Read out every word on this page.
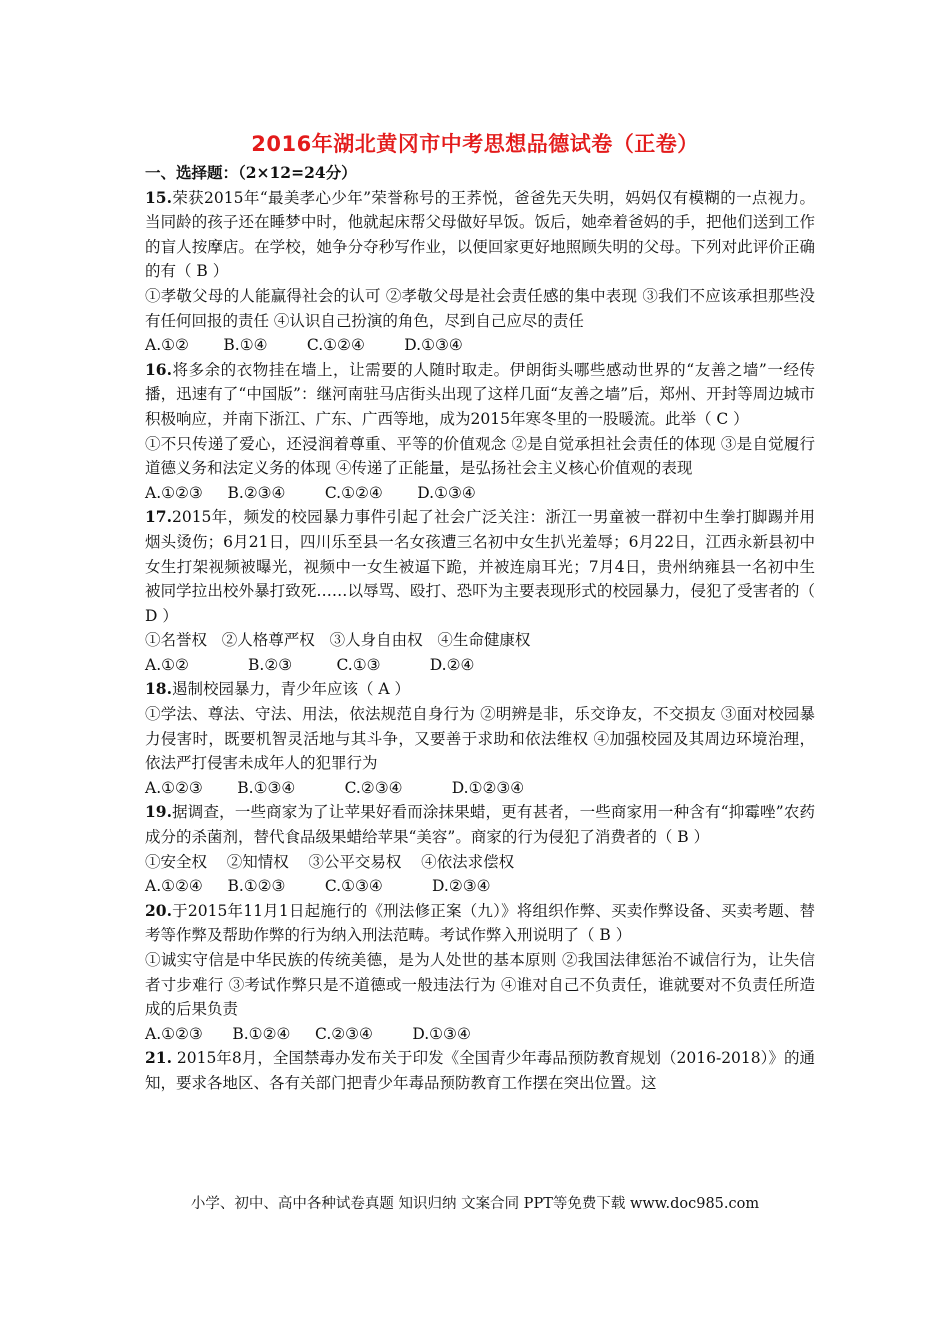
2016年湖北黄冈市中考思想品德试卷（正卷）
一、选择题：（2×12=24分）

15.荣获2015年“最美孝心少年”荣誉称号的王荞悦，爸爸先天失明，妈妈仅有模糊的一点视力。当同龄的孩子还在睡梦中时，他就起床帮父母做好早饭。饭后，她牵着爸妈的手，把他们送到工作的盲人按摩店。在学校，她争分夺秒写作业，以便回家更好地照顾失明的父母。下列对此评价正确的有（ B ）

①孝敬父母的人能赢得社会的认可 ②孝敬父母是社会责任感的集中表现 ③我们不应该承担那些没有任何回报的责任 ④认识自己扮演的角色，尽到自己应尽的责任

A.①②       B.①④        C.①②④        D.①③④

16.将多余的衣物挂在墙上，让需要的人随时取走。伊朗街头哪些感动世界的“友善之墙”一经传播，迅速有了“中国版”：继河南驻马店街头出现了这样几面“友善之墙”后，郑州、开封等周边城市积极响应，并南下浙江、广东、广西等地，成为2015年寒冬里的一股暖流。此举（ C ）

①不只传递了爱心，还浸润着尊重、平等的价值观念 ②是自觉承担社会责任的体现 ③是自觉履行道德义务和法定义务的体现 ④传递了正能量，是弘扬社会主义核心价值观的表现

A.①②③     B.②③④        C.①②④       D.①③④

17.2015年，频发的校园暴力事件引起了社会广泛关注：浙江一男童被一群初中生拳打脚踢并用烟头烫伤；6月21日，四川乐至县一名女孩遭三名初中女生扒光羞辱；6月22日，江西永新县初中女生打架视频被曝光，视频中一女生被逼下跪，并被连扇耳光；7月4日，贵州纳雍县一名初中生被同学拉出校外暴打致死……以辱骂、殴打、恐吓为主要表现形式的校园暴力，侵犯了受害者的（ D ）

①名誉权   ②人格尊严权   ③人身自由权   ④生命健康权

A.①②            B.②③         C.①③          D.②④

18.遏制校园暴力，青少年应该（ A ）

①学法、尊法、守法、用法，依法规范自身行为 ②明辨是非，乐交诤友，不交损友 ③面对校园暴力侵害时，既要机智灵活地与其斗争，又要善于求助和依法维权 ④加强校园及其周边环境治理，依法严打侵害未成年人的犯罪行为

A.①②③       B.①③④          C.②③④          D.①②③④

19.据调查，一些商家为了让苹果好看而涂抹果蜡，更有甚者，一些商家用一种含有“抑霉唑”农药成分的杀菌剂，替代食品级果蜡给苹果“美容”。商家的行为侵犯了消费者的（ B ）

①安全权    ②知情权    ③公平交易权    ④依法求偿权

A.①②④     B.①②③        C.①③④          D.②③④

20.于2015年11月1日起施行的《刑法修正案（九）》将组织作弊、买卖作弊设备、买卖考题、替考等作弊及帮助作弊的行为纳入刑法范畴。考试作弊入刑说明了（ B ）

①诚实守信是中华民族的传统美德，是为人处世的基本原则 ②我国法律惩治不诚信行为，让失信者寸步难行 ③考试作弊只是不道德或一般违法行为 ④谁对自己不负责任，谁就要对不负责任所造成的后果负责

A.①②③      B.①②④     C.②③④        D.①③④

21. 2015年8月，全国禁毒办发布关于印发《全国青少年毒品预防教育规划（2016-2018）》的通知，要求各地区、各有关部门把青少年毒品预防教育工作摆在突出位置。这

小学、初中、高中各种试卷真题 知识归纳 文案合同 PPT等免费下载 www.doc985.com
